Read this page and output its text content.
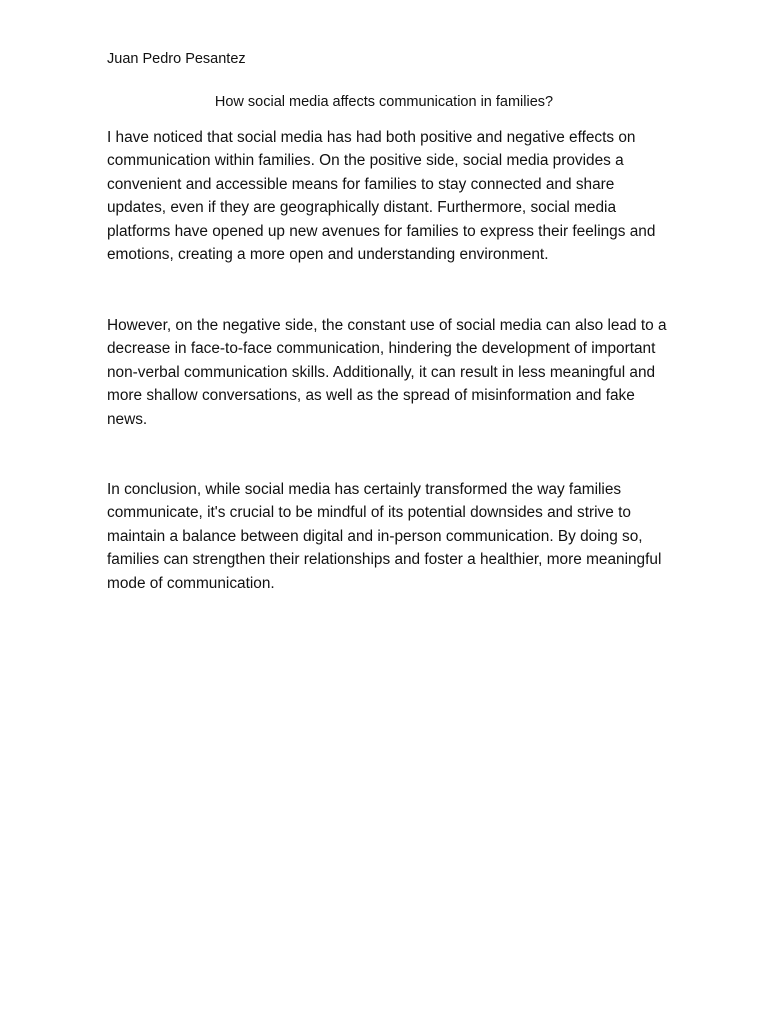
Juan Pedro Pesantez

How social media affects communication in families?

I have noticed that social media has had both positive and negative effects on communication within families. On the positive side, social media provides a convenient and accessible means for families to stay connected and share updates, even if they are geographically distant. Furthermore, social media platforms have opened up new avenues for families to express their feelings and emotions, creating a more open and understanding environment.

However, on the negative side, the constant use of social media can also lead to a decrease in face-to-face communication, hindering the development of important non-verbal communication skills. Additionally, it can result in less meaningful and more shallow conversations, as well as the spread of misinformation and fake news.

In conclusion, while social media has certainly transformed the way families communicate, it's crucial to be mindful of its potential downsides and strive to maintain a balance between digital and in-person communication. By doing so, families can strengthen their relationships and foster a healthier, more meaningful mode of communication.
